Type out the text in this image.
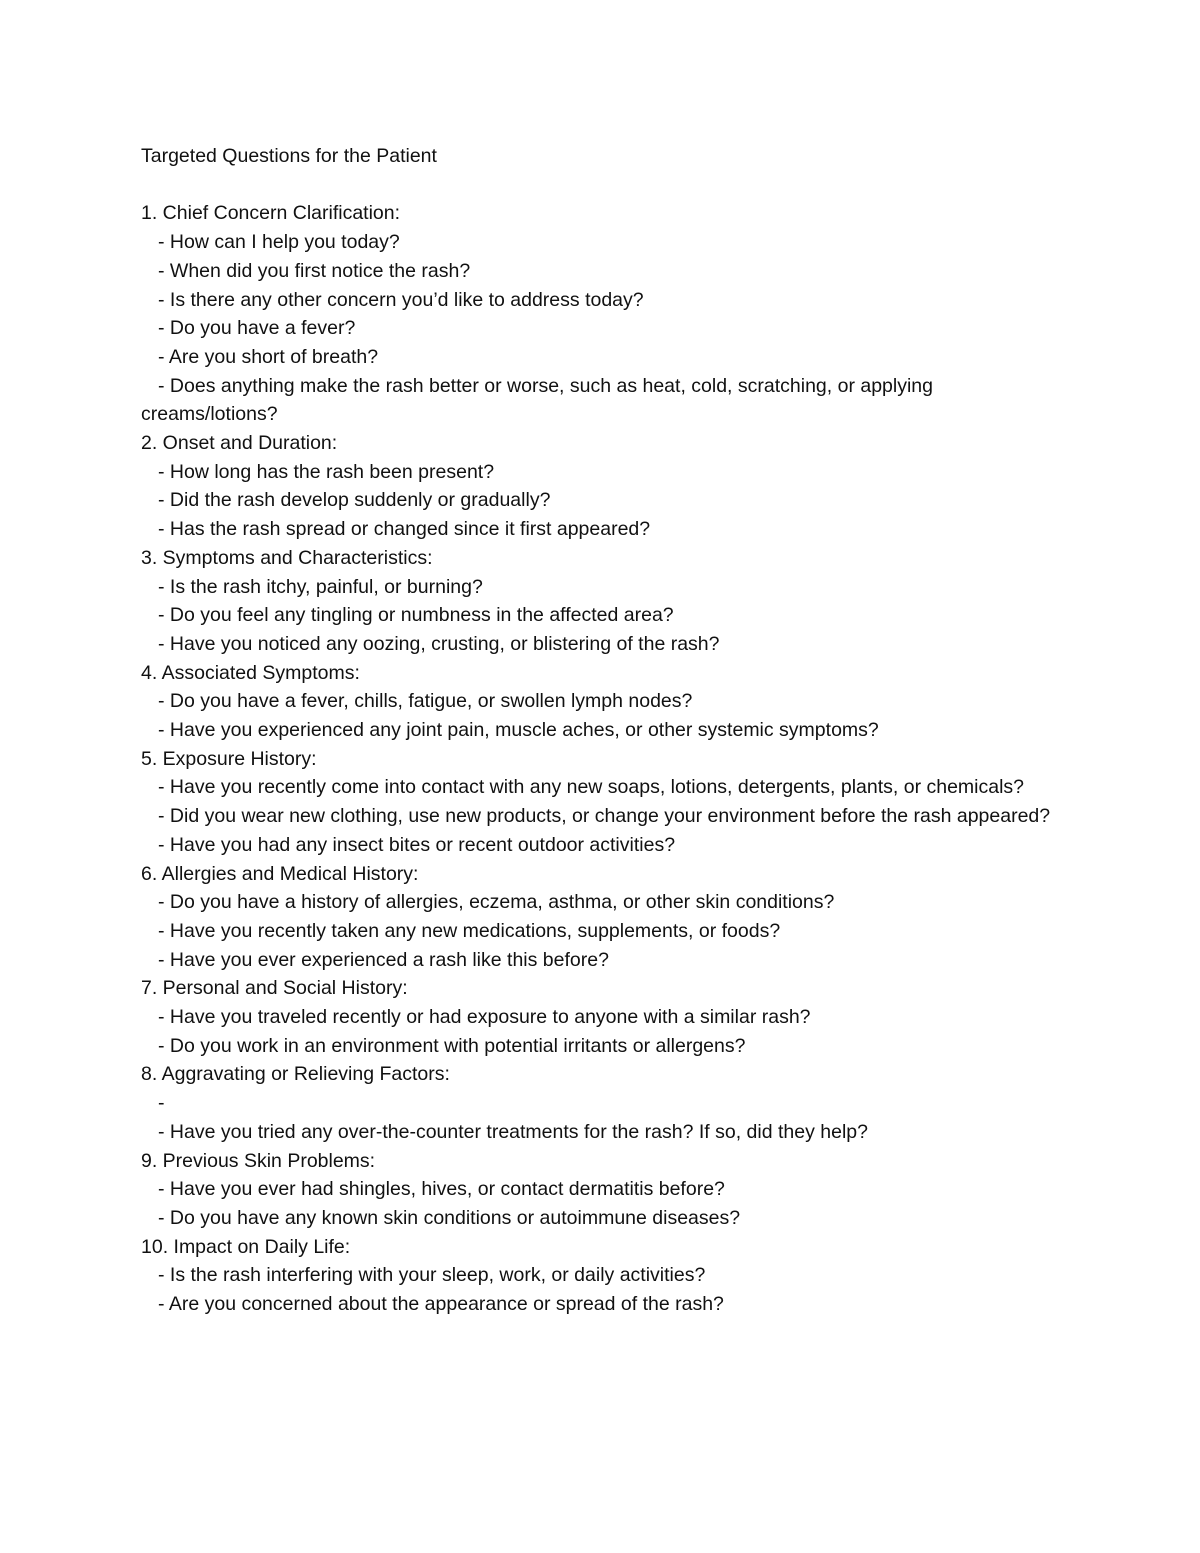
Targeted Questions for the Patient
1. Chief Concern Clarification:
- How can I help you today?
- When did you first notice the rash?
- Is there any other concern you’d like to address today?
- Do you have a fever?
- Are you short of breath?
- Does anything make the rash better or worse, such as heat, cold, scratching, or applying creams/lotions?
2. Onset and Duration:
- How long has the rash been present?
- Did the rash develop suddenly or gradually?
- Has the rash spread or changed since it first appeared?
3. Symptoms and Characteristics:
- Is the rash itchy, painful, or burning?
- Do you feel any tingling or numbness in the affected area?
- Have you noticed any oozing, crusting, or blistering of the rash?
4. Associated Symptoms:
- Do you have a fever, chills, fatigue, or swollen lymph nodes?
- Have you experienced any joint pain, muscle aches, or other systemic symptoms?
5. Exposure History:
- Have you recently come into contact with any new soaps, lotions, detergents, plants, or chemicals?
- Did you wear new clothing, use new products, or change your environment before the rash appeared?
- Have you had any insect bites or recent outdoor activities?
6. Allergies and Medical History:
- Do you have a history of allergies, eczema, asthma, or other skin conditions?
- Have you recently taken any new medications, supplements, or foods?
- Have you ever experienced a rash like this before?
7. Personal and Social History:
- Have you traveled recently or had exposure to anyone with a similar rash?
- Do you work in an environment with potential irritants or allergens?
8. Aggravating or Relieving Factors:
-
- Have you tried any over-the-counter treatments for the rash? If so, did they help?
9. Previous Skin Problems:
- Have you ever had shingles, hives, or contact dermatitis before?
- Do you have any known skin conditions or autoimmune diseases?
10. Impact on Daily Life:
- Is the rash interfering with your sleep, work, or daily activities?
- Are you concerned about the appearance or spread of the rash?
